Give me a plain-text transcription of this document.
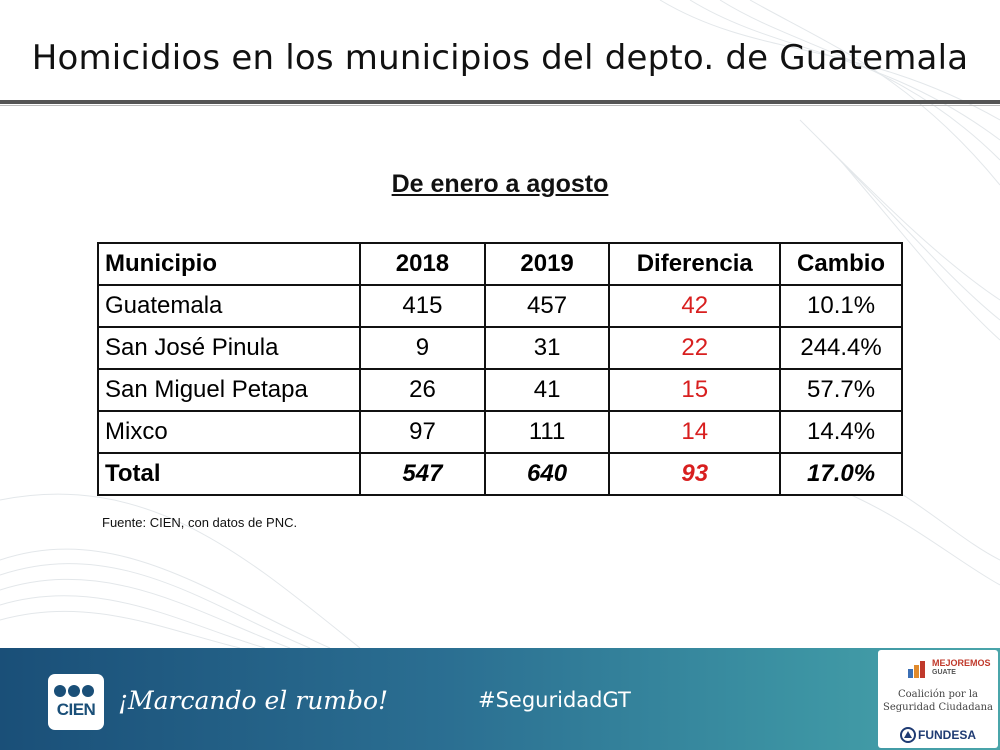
Homicidios en los municipios del depto. de Guatemala
De enero a agosto
Municipio	2018	2019	Diferencia	Cambio
Guatemala	415	457	42	10.1%
San José Pinula	9	31	22	244.4%
San Miguel Petapa	26	41	15	57.7%
Mixco	97	111	14	14.4%
Total	547	640	93	17.0%
Fuente: CIEN, con datos de PNC.
CIEN ¡Marcando el rumbo!	#SeguridadGT
MEJOREMOS
GUATE
Coalición por la
Seguridad Ciudadana
FUNDESA
